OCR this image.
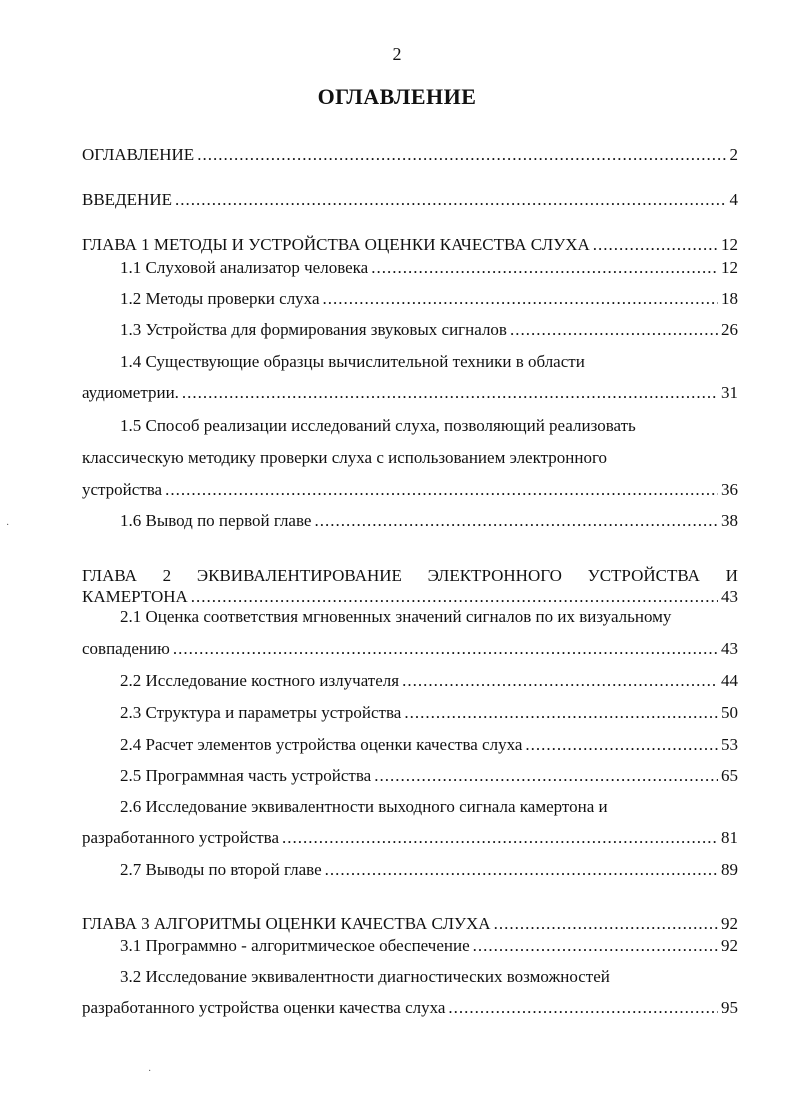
2
ОГЛАВЛЕНИЕ
ОГЛАВЛЕНИЕ .....	2
ВВЕДЕНИЕ .....	4
ГЛАВА 1 МЕТОДЫ И УСТРОЙСТВА ОЦЕНКИ КАЧЕСТВА СЛУХА .....	12
1.1 Слуховой анализатор человека .....	12
1.2 Методы проверки слуха .....	18
1.3 Устройства для формирования звуковых сигналов .....	26
1.4 Существующие образцы вычислительной техники в области
аудиометрии. .....	31
1.5 Способ реализации исследований слуха, позволяющий реализовать
классическую методику проверки слуха с использованием электронного
устройства .....	36
1.6 Вывод по первой главе .....	38
ГЛАВА 2 ЭКВИВАЛЕНТИРОВАНИЕ ЭЛЕКТРОННОГО УСТРОЙСТВА И
КАМЕРТОНА .....	43
2.1 Оценка соответствия мгновенных значений сигналов по их визуальному
совпадению .....	43
2.2 Исследование костного излучателя .....	44
2.3 Структура и параметры устройства .....	50
2.4 Расчет элементов устройства оценки качества слуха .....	53
2.5 Программная часть устройства .....	65
2.6 Исследование эквивалентности выходного сигнала камертона и
разработанного устройства .....	81
2.7 Выводы по второй главе .....	89
ГЛАВА 3 АЛГОРИТМЫ ОЦЕНКИ КАЧЕСТВА СЛУХА .....	92
3.1 Программно - алгоритмическое обеспечение .....	92
3.2 Исследование эквивалентности диагностических возможностей
разработанного устройства оценки качества слуха .....	95
·
·
